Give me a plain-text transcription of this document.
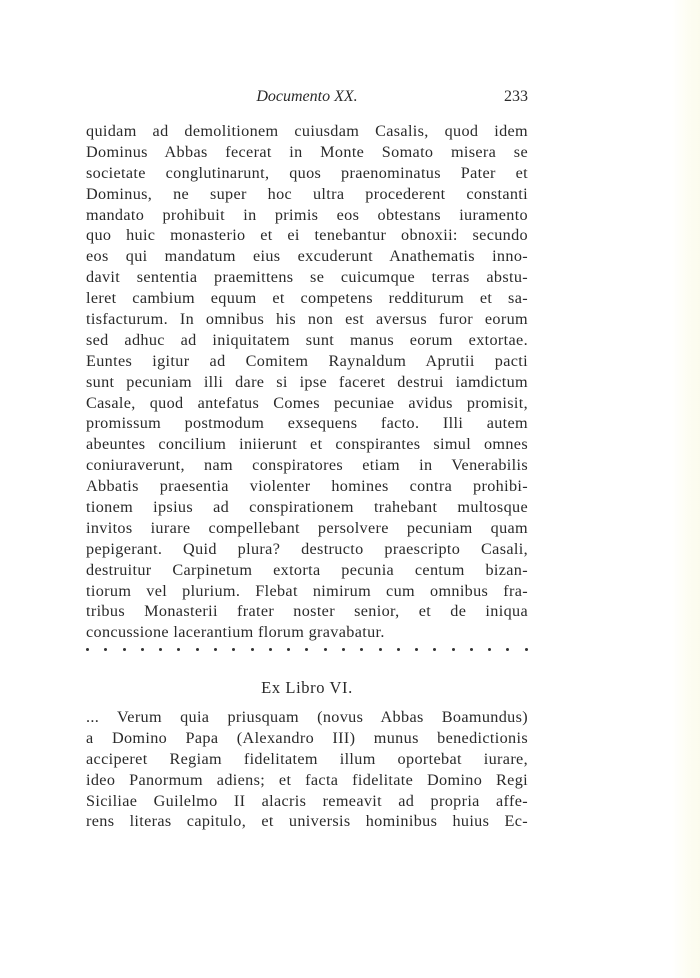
Documento XX.	233
quidam ad demolitionem cuiusdam Casalis, quod idem
Dominus Abbas fecerat in Monte Somato misera se
societate conglutinarunt, quos praenominatus Pater et
Dominus, ne super hoc ultra procederent constanti
mandato prohibuit in primis eos obtestans iuramento
quo huic monasterio et ei tenebantur obnoxii: secundo
eos qui mandatum eius excuderunt Anathematis inno-
davit sententia praemittens se cuicumque terras abstu-
leret cambium equum et competens redditurum et sa-
tisfacturum. In omnibus his non est aversus furor eorum
sed adhuc ad iniquitatem sunt manus eorum extortae.
Euntes igitur ad Comitem Raynaldum Aprutii pacti
sunt pecuniam illi dare si ipse faceret destrui iamdictum
Casale, quod antefatus Comes pecuniae avidus promisit,
promissum postmodum exsequens facto. Illi autem
abeuntes concilium iniierunt et conspirantes simul omnes
coniuraverunt, nam conspiratores etiam in Venerabilis
Abbatis praesentia violenter homines contra prohibi-
tionem ipsius ad conspirationem trahebant multosque
invitos iurare compellebant persolvere pecuniam quam
pepigerant. Quid plura? destructo praescripto Casali,
destruitur Carpinetum extorta pecunia centum bizan-
tiorum vel plurium. Flebat nimirum cum omnibus fra-
tribus Monasterii frater noster senior, et de iniqua
concussione lacerantium florum gravabatur.
Ex Libro VI.
... Verum quia priusquam (novus Abbas Boamundus)
a Domino Papa (Alexandro III) munus benedictionis
acciperet Regiam fidelitatem illum oportebat iurare,
ideo Panormum adiens; et facta fidelitate Domino Regi
Siciliae Guilelmo II alacris remeavit ad propria affe-
rens literas capitulo, et universis hominibus huius Ec-
